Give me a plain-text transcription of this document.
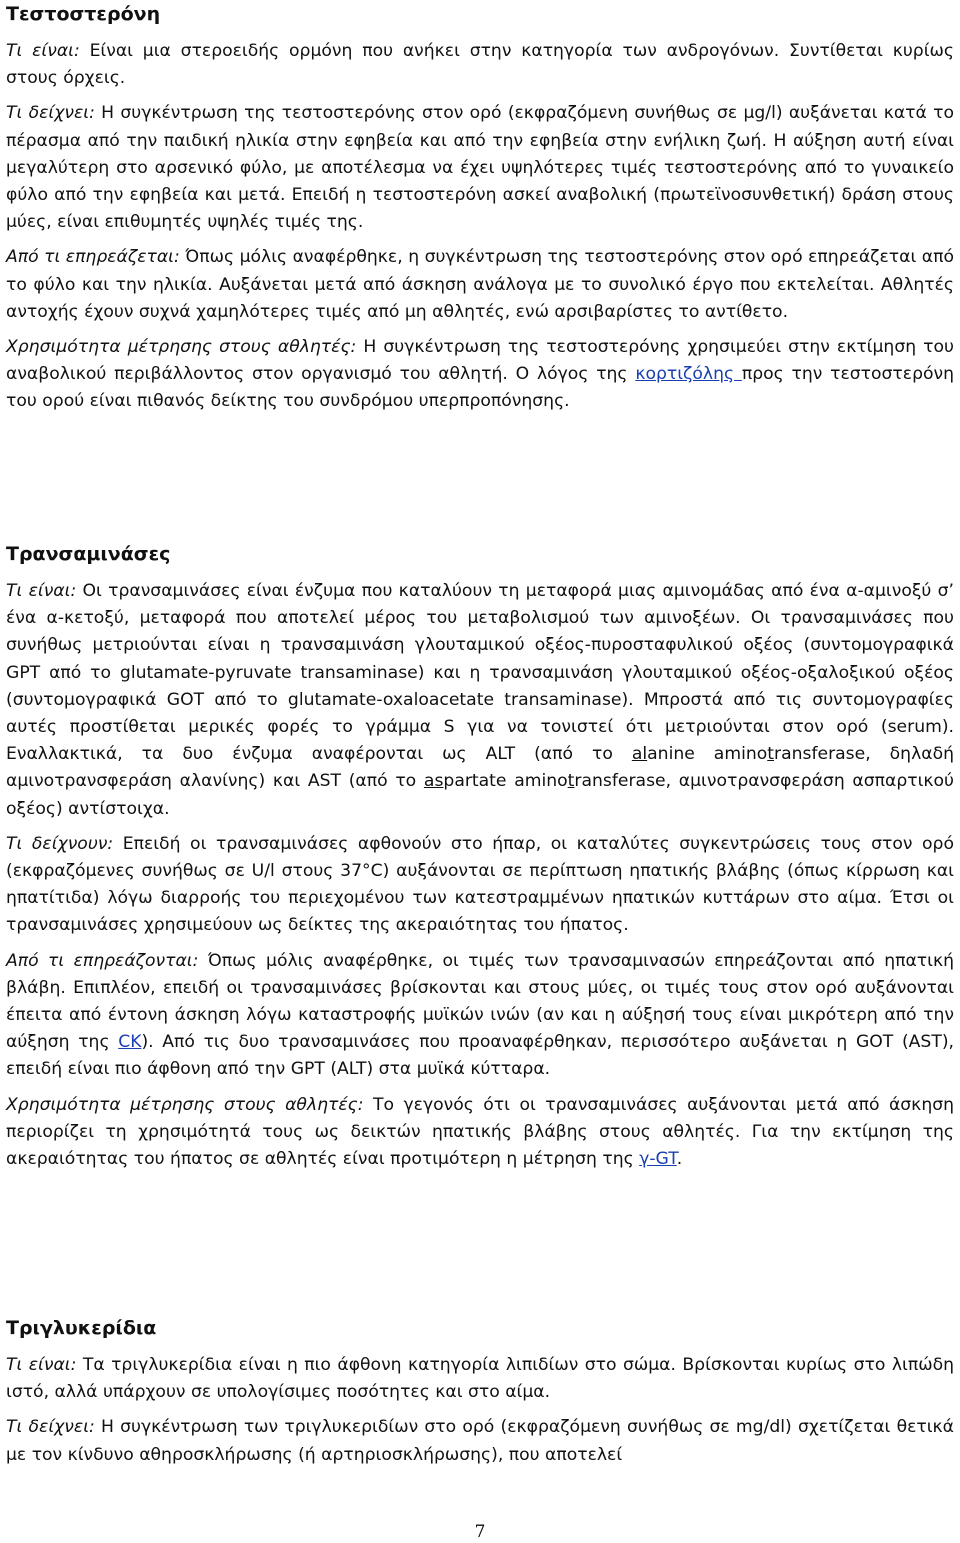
Τεστοστερόνη

Τι είναι: Είναι μια στεροειδής ορμόνη που ανήκει στην κατηγορία των ανδρογόνων. Συντίθεται κυρίως στους όρχεις.

Τι δείχνει: Η συγκέντρωση της τεστοστερόνης στον ορό (εκφραζόμενη συνήθως σε μg/l) αυξάνεται κατά το πέρασμα από την παιδική ηλικία στην εφηβεία και από την εφηβεία στην ενήλικη ζωή. Η αύξηση αυτή είναι μεγαλύτερη στο αρσενικό φύλο, με αποτέλεσμα να έχει υψηλότερες τιμές τεστοστερόνης από το γυναικείο φύλο από την εφηβεία και μετά. Επειδή η τεστοστερόνη ασκεί αναβολική (πρωτεϊνοσυνθετική) δράση στους μύες, είναι επιθυμητές υψηλές τιμές της.

Από τι επηρεάζεται: Όπως μόλις αναφέρθηκε, η συγκέντρωση της τεστοστερόνης στον ορό επηρεάζεται από το φύλο και την ηλικία. Αυξάνεται μετά από άσκηση ανάλογα με το συνολικό έργο που εκτελείται. Αθλητές αντοχής έχουν συχνά χαμηλότερες τιμές από μη αθλητές, ενώ αρσιβαρίστες το αντίθετο.

Χρησιμότητα μέτρησης στους αθλητές: Η συγκέντρωση της τεστοστερόνης χρησιμεύει στην εκτίμηση του αναβολικού περιβάλλοντος στον οργανισμό του αθλητή. Ο λόγος της κορτιζόλης προς την τεστοστερόνη του ορού είναι πιθανός δείκτης του συνδρόμου υπερπροπόνησης.

Τρανσαμινάσες

Τι είναι: Οι τρανσαμινάσες είναι ένζυμα που καταλύουν τη μεταφορά μιας αμινομάδας από ένα α-αμινοξύ σ’ ένα α-κετοξύ, μεταφορά που αποτελεί μέρος του μεταβολισμού των αμινοξέων. Οι τρανσαμινάσες που συνήθως μετριούνται είναι η τρανσαμινάση γλουταμικού οξέος-πυροσταφυλικού οξέος (συντομογραφικά GPT από το glutamate-pyruvate transaminase) και η τρανσαμινάση γλουταμικού οξέος-οξαλοξικού οξέος (συντομογραφικά GOT από το glutamate-oxaloacetate transaminase). Μπροστά από τις συντομογραφίες αυτές προστίθεται μερικές φορές το γράμμα S για να τονιστεί ότι μετριούνται στον ορό (serum). Εναλλακτικά, τα δυο ένζυμα αναφέρονται ως ALT (από το alanine aminotransferase, δηλαδή αμινοτρανσφεράση αλανίνης) και AST (από το aspartate aminotransferase, αμινοτρανσφεράση ασπαρτικού οξέος) αντίστοιχα.

Τι δείχνουν: Επειδή οι τρανσαμινάσες αφθονούν στο ήπαρ, οι καταλύτες συγκεντρώσεις τους στον ορό (εκφραζόμενες συνήθως σε U/l στους 37°C) αυξάνονται σε περίπτωση ηπατικής βλάβης (όπως κίρρωση και ηπατίτιδα) λόγω διαρροής του περιεχομένου των κατεστραμμένων ηπατικών κυττάρων στο αίμα. Έτσι οι τρανσαμινάσες χρησιμεύουν ως δείκτες της ακεραιότητας του ήπατος.

Από τι επηρεάζονται: Όπως μόλις αναφέρθηκε, οι τιμές των τρανσαμινασών επηρεάζονται από ηπατική βλάβη. Επιπλέον, επειδή οι τρανσαμινάσες βρίσκονται και στους μύες, οι τιμές τους στον ορό αυξάνονται έπειτα από έντονη άσκηση λόγω καταστροφής μυϊκών ινών (αν και η αύξησή τους είναι μικρότερη από την αύξηση της CK). Από τις δυο τρανσαμινάσες που προαναφέρθηκαν, περισσότερο αυξάνεται η GOT (AST), επειδή είναι πιο άφθονη από την GPT (ALT) στα μυϊκά κύτταρα.

Χρησιμότητα μέτρησης στους αθλητές: Το γεγονός ότι οι τρανσαμινάσες αυξάνονται μετά από άσκηση περιορίζει τη χρησιμότητά τους ως δεικτών ηπατικής βλάβης στους αθλητές. Για την εκτίμηση της ακεραιότητας του ήπατος σε αθλητές είναι προτιμότερη η μέτρηση της γ-GT.

Τριγλυκερίδια

Τι είναι: Τα τριγλυκερίδια είναι η πιο άφθονη κατηγορία λιπιδίων στο σώμα. Βρίσκονται κυρίως στο λιπώδη ιστό, αλλά υπάρχουν σε υπολογίσιμες ποσότητες και στο αίμα.

Τι δείχνει: Η συγκέντρωση των τριγλυκεριδίων στο ορό (εκφραζόμενη συνήθως σε mg/dl) σχετίζεται θετικά με τον κίνδυνο αθηροσκλήρωσης (ή αρτηριοσκλήρωσης), που αποτελεί

7
